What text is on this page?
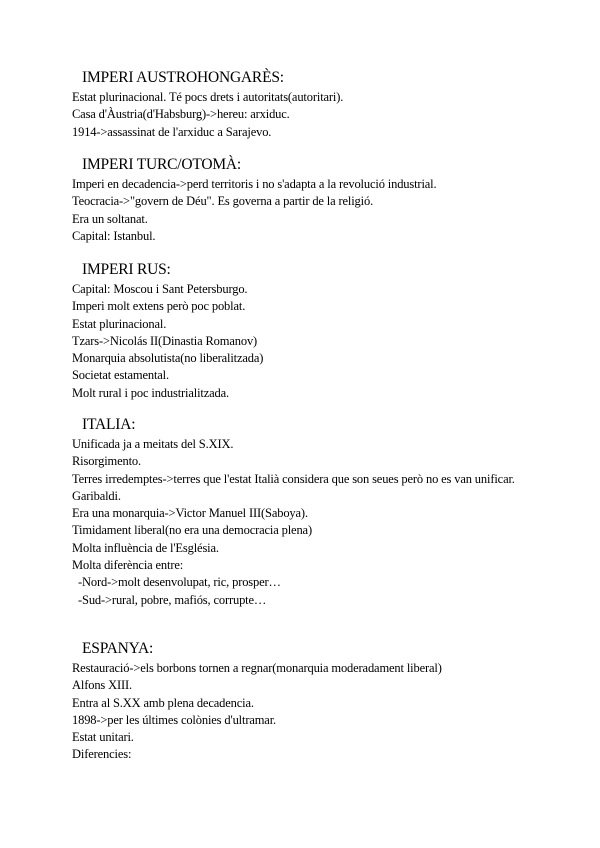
IMPERI AUSTROHONGARÈS:
Estat plurinacional. Té pocs drets i autoritats(autoritari).
Casa d'Àustria(d'Habsburg)->hereu: arxiduc.
1914->assassinat de l'arxiduc a Sarajevo.
IMPERI TURC/OTOMÀ:
Imperi en decadencia->perd territoris i no s'adapta a la revolució industrial.
Teocracia->"govern de Déu". Es governa a partir de la religió.
Era un soltanat.
Capital: Istanbul.
IMPERI RUS:
Capital: Moscou i Sant Petersburgo.
Imperi molt extens però poc poblat.
Estat plurinacional.
Tzars->Nicolás II(Dinastia Romanov)
Monarquia absolutista(no liberalitzada)
Societat estamental.
Molt rural i poc industrialitzada.
ITALIA:
Unificada ja a meitats del S.XIX.
Risorgimento.
Terres irredemptes->terres que l'estat Italià considera que son seues però no es van unificar.
Garibaldi.
Era una monarquia->Victor Manuel III(Saboya).
Timidament liberal(no era una democracia plena)
Molta influència de l'Església.
Molta diferència entre:
-Nord->molt desenvolupat, ric, prosper…
-Sud->rural, pobre, mafiós, corrupte…
ESPANYA:
Restauració->els borbons tornen a regnar(monarquia moderadament liberal)
Alfons XIII.
Entra al S.XX amb plena decadencia.
1898->per les últimes colònies d'ultramar.
Estat unitari.
Diferencies:
